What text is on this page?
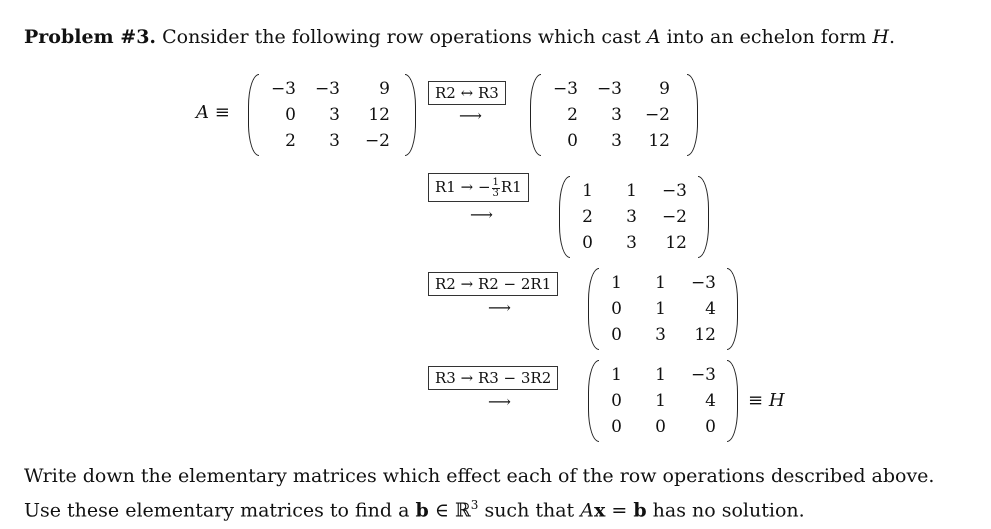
Problem #3. Consider the following row operations which cast A into an echelon form H.
A ≡
−3	−3	9
0	3	12
2	3	−2
R2 ↔ R3
⟶
−3	−3	9
2	3	−2
0	3	12
R1 → − $\frac{1}{3} R1$
⟶
1	1	−3
2	3	−2
0	3	12
R2 → R2 − 2R1
⟶
1	1	−3
0	1	4
0	3	12
R3 → R3 − 3R2
⟶
1	1	−3
0	1	4
0	0	0
≡ H
Write down the elementary matrices which effect each of the row operations described above. Use these elementary matrices to find a b ∈ ℝ$^3$ such that Ax = b has no solution.
